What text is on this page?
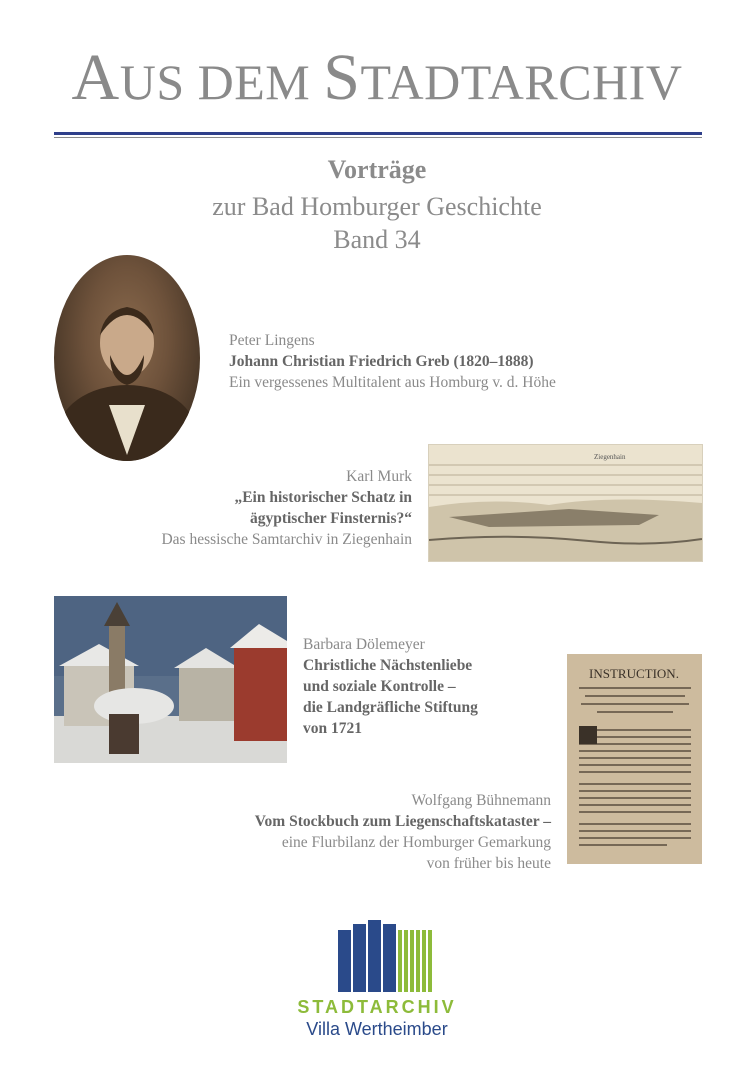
AUS DEM STADTARCHIV
Vorträge
zur Bad Homburger Geschichte
Band 34
Peter Lingens
Johann Christian Friedrich Greb (1820–1888)
Ein vergessenes Multitalent aus Homburg v. d. Höhe
Ziegenhain
Karl Murk
„Ein historischer Schatz in
ägyptischer Finsternis?“
Das hessische Samtarchiv in Ziegenhain
Barbara Dölemeyer
Christliche Nächstenliebe
und soziale Kontrolle –
die Landgräfliche Stiftung
von 1721
INSTRUCTION.
Wolfgang Bühnemann
Vom Stockbuch zum Liegenschaftskataster –
eine Flurbilanz der Homburger Gemarkung
von früher bis heute
STADTARCHIV
Villa Wertheimber
